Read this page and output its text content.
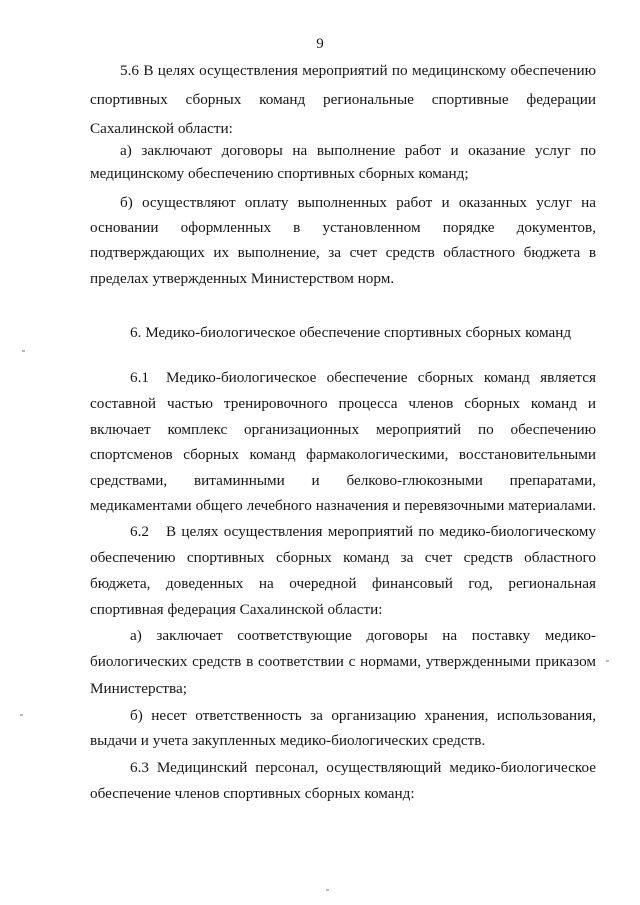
9
5.6 В целях осуществления мероприятий по медицинскому обеспечению
спортивных сборных команд региональные спортивные федерации
Сахалинской области:
а) заключают договоры на выполнение работ и оказание услуг по
медицинскому обеспечению спортивных сборных команд;
б) осуществляют оплату выполненных работ и оказанных услуг на
основании оформленных в установленном порядке документов,
подтверждающих их выполнение, за счет средств областного бюджета в
пределах утвержденных Министерством норм.
6. Медико-биологическое обеспечение спортивных сборных команд
6.1 Медико-биологическое обеспечение сборных команд является
составной частью тренировочного процесса членов сборных команд и
включает комплекс организационных мероприятий по обеспечению
спортсменов сборных команд фармакологическими, восстановительными
средствами, витаминными и белково-глюкозными препаратами,
медикаментами общего лечебного назначения и перевязочными материалами.
6.2 В целях осуществления мероприятий по медико-биологическому
обеспечению спортивных сборных команд за счет средств областного
бюджета, доведенных на очередной финансовый год, региональная
спортивная федерация Сахалинской области:
а) заключает соответствующие договоры на поставку медико-
биологических средств в соответствии с нормами, утвержденными приказом
Министерства;
б) несет ответственность за организацию хранения, использования,
выдачи и учета закупленных медико-биологических средств.
6.3 Медицинский персонал, осуществляющий медико-биологическое
обеспечение членов спортивных сборных команд:
